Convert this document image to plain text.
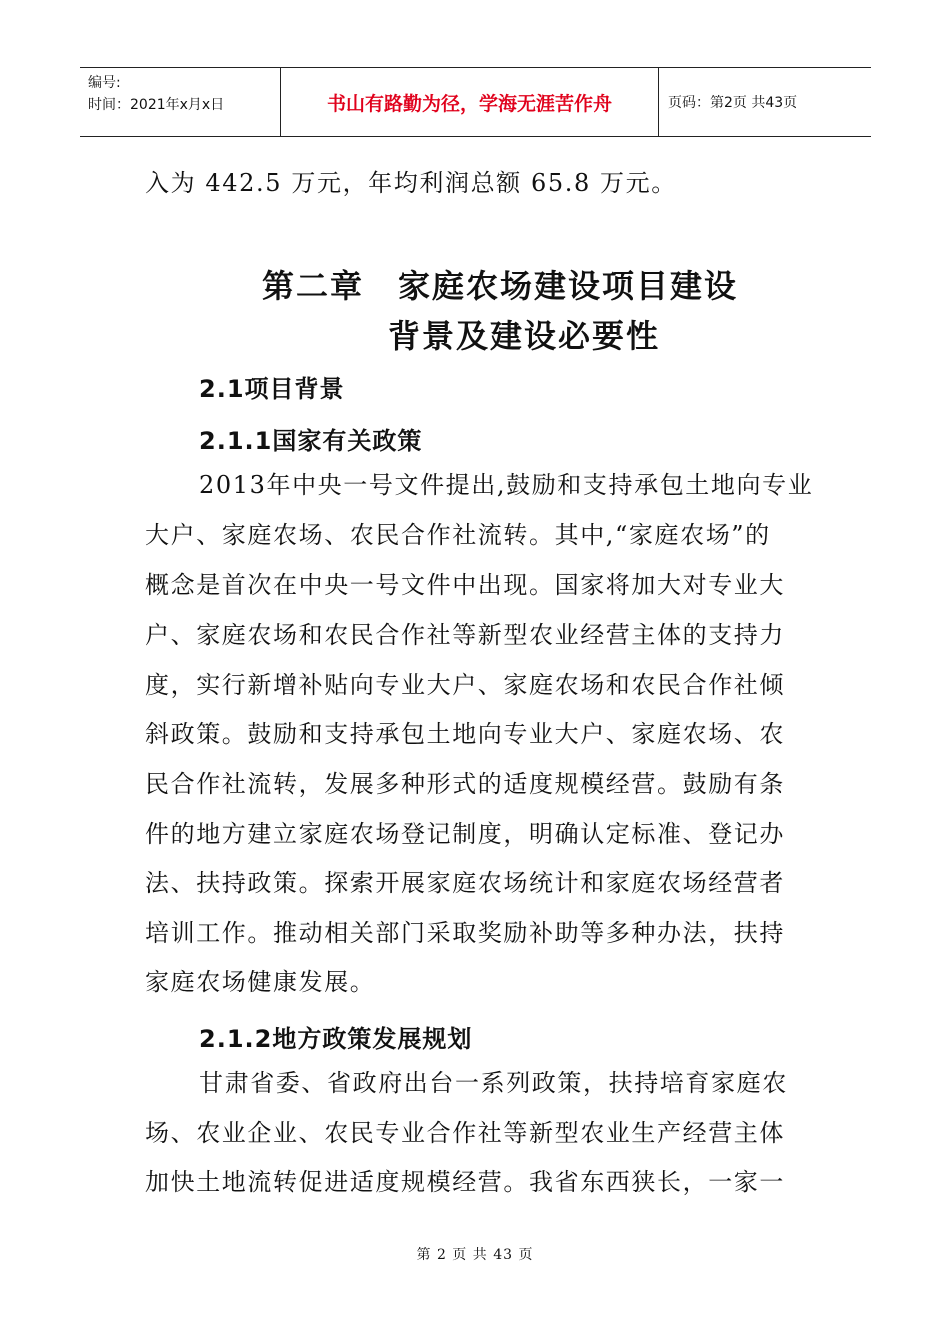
编号:
时间：2021年x月x日	书山有路勤为径，学海无涯苦作舟	页码：第2页 共43页
入为 442.5 万元，年均利润总额 65.8 万元。
第二章　家庭农场建设项目建设
背景及建设必要性
2.1项目背景
2.1.1国家有关政策
2013年中央一号文件提出,鼓励和支持承包土地向专业
大户、家庭农场、农民合作社流转。其中,“家庭农场”的
概念是首次在中央一号文件中出现。国家将加大对专业大
户、家庭农场和农民合作社等新型农业经营主体的支持力
度，实行新增补贴向专业大户、家庭农场和农民合作社倾
斜政策。鼓励和支持承包土地向专业大户、家庭农场、农
民合作社流转，发展多种形式的适度规模经营。鼓励有条
件的地方建立家庭农场登记制度，明确认定标准、登记办
法、扶持政策。探索开展家庭农场统计和家庭农场经营者
培训工作。推动相关部门采取奖励补助等多种办法，扶持
家庭农场健康发展。
2.1.2地方政策发展规划
甘肃省委、省政府出台一系列政策，扶持培育家庭农
场、农业企业、农民专业合作社等新型农业生产经营主体
加快土地流转促进适度规模经营。我省东西狭长，一家一
第 2 页 共 43 页
